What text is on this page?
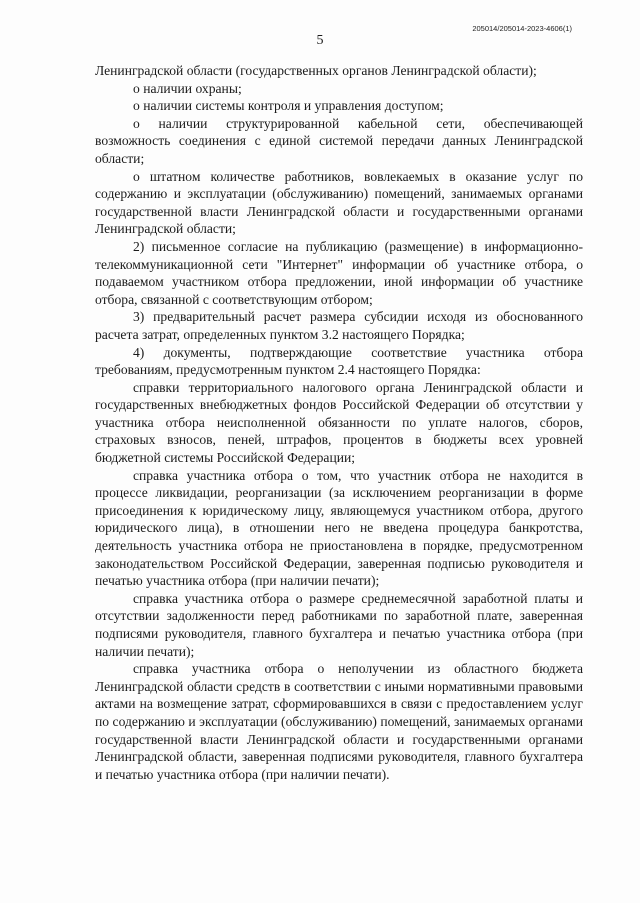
205014/205014-2023-4606(1)
5

Ленинградской области (государственных органов Ленинградской области);

о наличии охраны;

о наличии системы контроля и управления доступом;

о наличии структурированной кабельной сети, обеспечивающей возможность соединения с единой системой передачи данных Ленинградской области;

о штатном количестве работников, вовлекаемых в оказание услуг по содержанию и эксплуатации (обслуживанию) помещений, занимаемых органами государственной власти Ленинградской области и государственными органами Ленинградской области;

2) письменное согласие на публикацию (размещение) в информационно-телекоммуникационной сети "Интернет" информации об участнике отбора, о подаваемом участником отбора предложении, иной информации об участнике отбора, связанной с соответствующим отбором;

3) предварительный расчет размера субсидии исходя из обоснованного расчета затрат, определенных пунктом 3.2 настоящего Порядка;

4) документы, подтверждающие соответствие участника отбора требованиям, предусмотренным пунктом 2.4 настоящего Порядка:

справки территориального налогового органа Ленинградской области и государственных внебюджетных фондов Российской Федерации об отсутствии у участника отбора неисполненной обязанности по уплате налогов, сборов, страховых взносов, пеней, штрафов, процентов в бюджеты всех уровней бюджетной системы Российской Федерации;

справка участника отбора о том, что участник отбора не находится в процессе ликвидации, реорганизации (за исключением реорганизации в форме присоединения к юридическому лицу, являющемуся участником отбора, другого юридического лица), в отношении него не введена процедура банкротства, деятельность участника отбора не приостановлена в порядке, предусмотренном законодательством Российской Федерации, заверенная подписью руководителя и печатью участника отбора (при наличии печати);

справка участника отбора о размере среднемесячной заработной платы и отсутствии задолженности перед работниками по заработной плате, заверенная подписями руководителя, главного бухгалтера и печатью участника отбора (при наличии печати);

справка участника отбора о неполучении из областного бюджета Ленинградской области средств в соответствии с иными нормативными правовыми актами на возмещение затрат, сформировавшихся в связи с предоставлением услуг по содержанию и эксплуатации (обслуживанию) помещений, занимаемых органами государственной власти Ленинградской области и государственными органами Ленинградской области, заверенная подписями руководителя, главного бухгалтера и печатью участника отбора (при наличии печати).
